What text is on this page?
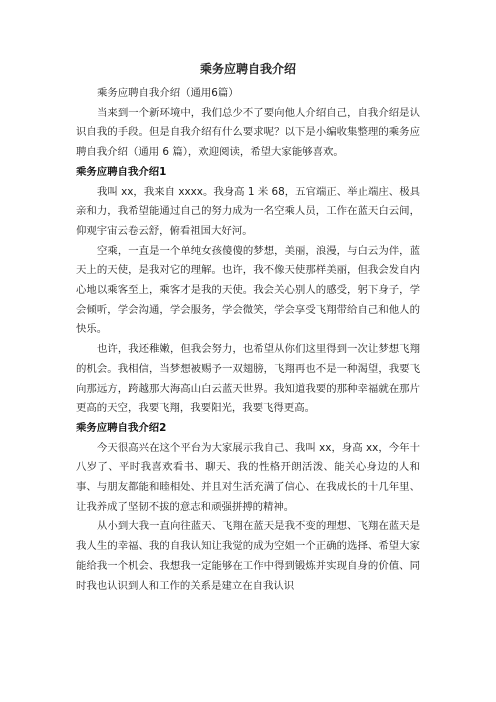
乘务应聘自我介绍

乘务应聘自我介绍（通用6篇）

当来到一个新环境中，我们总少不了要向他人介绍自己，自我介绍是认识自我的手段。但是自我介绍有什么要求呢？以下是小编收集整理的乘务应聘自我介绍（通用 6 篇），欢迎阅读，希望大家能够喜欢。

乘务应聘自我介绍1

我叫 xx，我来自 xxxx。我身高 1 米 68，五官端正、举止端庄、极具亲和力，我希望能通过自己的努力成为一名空乘人员，工作在蓝天白云间，仰观宇宙云卷云舒，俯看祖国大好河。

空乘，一直是一个单纯女孩傻傻的梦想，美丽，浪漫，与白云为伴，蓝天上的天使，是我对它的理解。也许，我不像天使那样美丽，但我会发自内心地以乘客至上，乘客才是我的天使。我会关心别人的感受，躬下身子，学会倾听，学会沟通，学会服务，学会微笑，学会享受飞翔带给自己和他人的快乐。

也许，我还稚嫩，但我会努力，也希望从你们这里得到一次让梦想飞翔的机会。我相信，当梦想被赐予一双翅膀，飞翔再也不是一种渴望，我要飞向那远方，跨越那大海高山白云蓝天世界。我知道我要的那种幸福就在那片更高的天空，我要飞翔，我要阳光，我要飞得更高。

乘务应聘自我介绍2

今天很高兴在这个平台为大家展示我自己、我叫 xx，身高 xx，今年十八岁了、平时我喜欢看书、聊天、我的性格开朗活泼、能关心身边的人和事、与朋友都能和睦相处、并且对生活充满了信心、在我成长的十几年里、让我养成了坚韧不拔的意志和顽强拼搏的精神。

从小到大我一直向往蓝天、飞翔在蓝天是我不变的理想、飞翔在蓝天是我人生的幸福、我的自我认知让我觉的成为空姐一个正确的选择、希望大家能给我一个机会、我想我一定能够在工作中得到锻炼并实现自身的价值、同时我也认识到人和工作的关系是建立在自我认识
